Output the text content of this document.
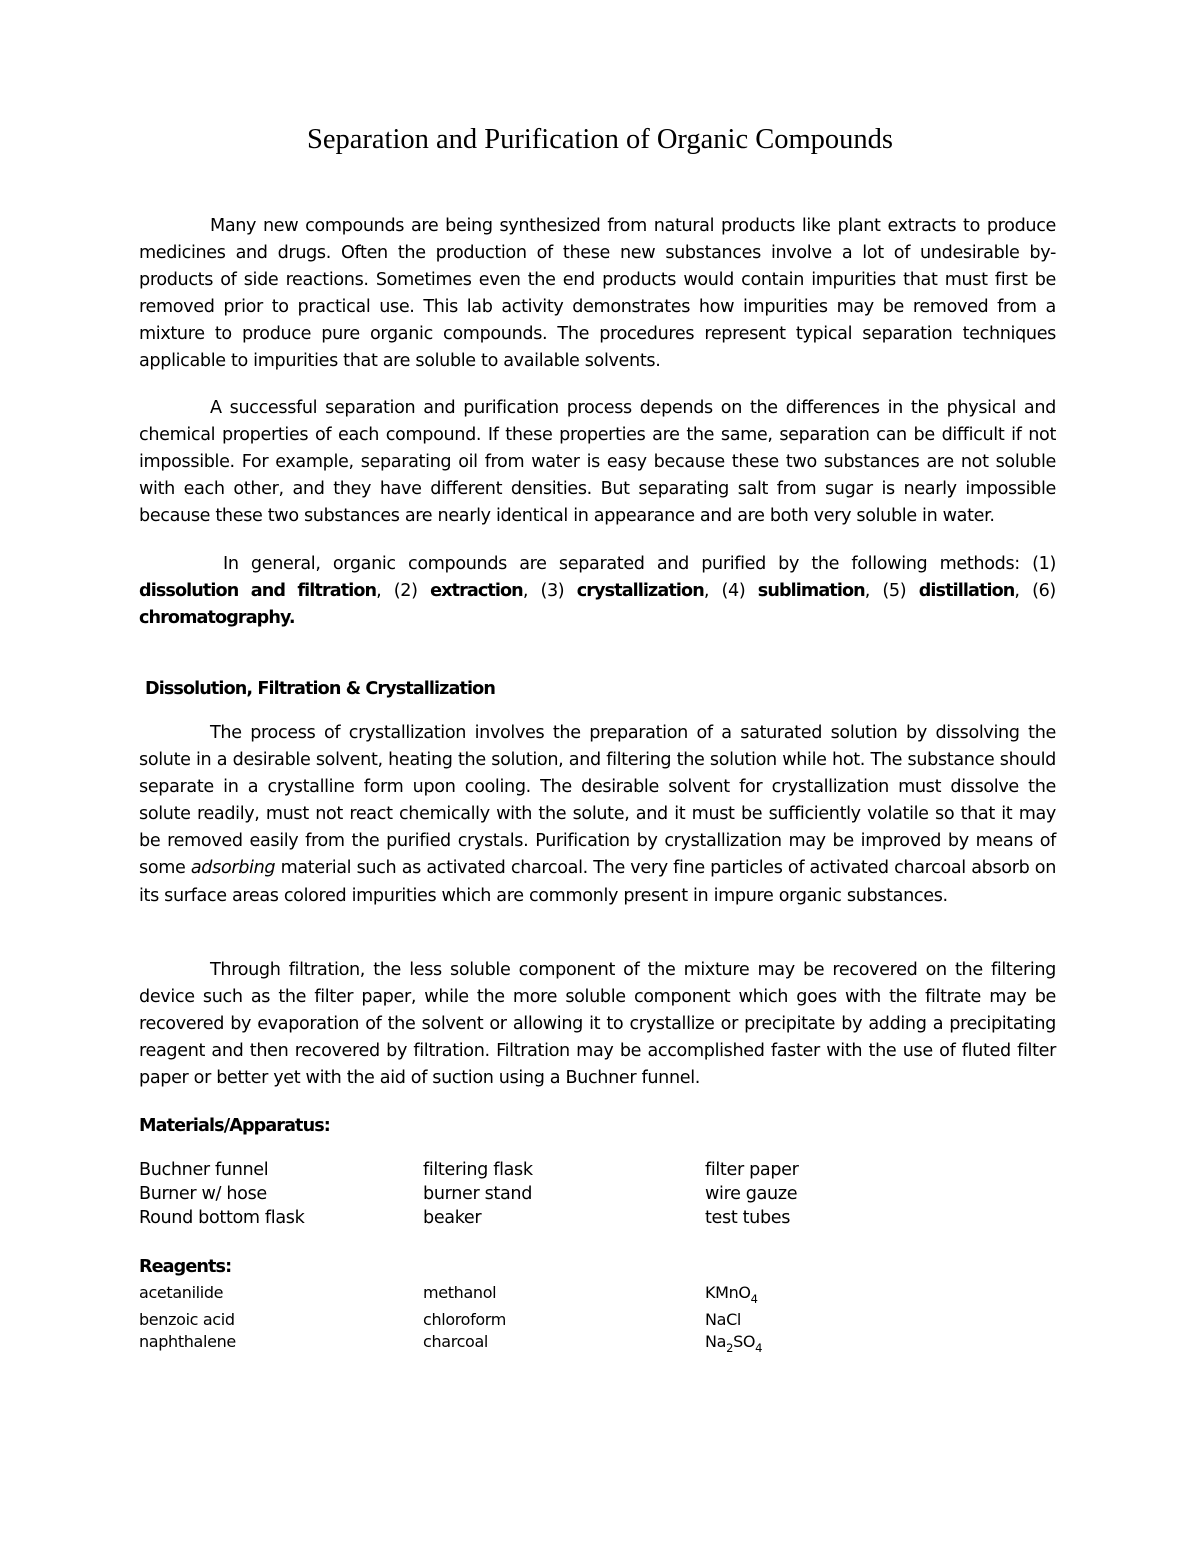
Separation and Purification of Organic Compounds

Many new compounds are being synthesized from natural products like plant extracts to produce medicines and drugs. Often the production of these new substances involve a lot of undesirable by-products of side reactions. Sometimes even the end products would contain impurities that must first be removed prior to practical use. This lab activity demonstrates how impurities may be removed from a mixture to produce pure organic compounds. The procedures represent typical separation techniques applicable to impurities that are soluble to available solvents.

A successful separation and purification process depends on the differences in the physical and chemical properties of each compound. If these properties are the same, separation can be difficult if not impossible. For example, separating oil from water is easy because these two substances are not soluble with each other, and they have different densities. But separating salt from sugar is nearly impossible because these two substances are nearly identical in appearance and are both very soluble in water.

In general, organic compounds are separated and purified by the following methods: (1) dissolution and filtration, (2) extraction, (3) crystallization, (4) sublimation, (5) distillation, (6) chromatography.

Dissolution, Filtration & Crystallization

The process of crystallization involves the preparation of a saturated solution by dissolving the solute in a desirable solvent, heating the solution, and filtering the solution while hot. The substance should separate in a crystalline form upon cooling. The desirable solvent for crystallization must dissolve the solute readily, must not react chemically with the solute, and it must be sufficiently volatile so that it may be removed easily from the purified crystals. Purification by crystallization may be improved by means of some adsorbing material such as activated charcoal. The very fine particles of activated charcoal absorb on its surface areas colored impurities which are commonly present in impure organic substances.

Through filtration, the less soluble component of the mixture may be recovered on the filtering device such as the filter paper, while the more soluble component which goes with the filtrate may be recovered by evaporation of the solvent or allowing it to crystallize or precipitate by adding a precipitating reagent and then recovered by filtration. Filtration may be accomplished faster with the use of fluted filter paper or better yet with the aid of suction using a Buchner funnel.

Materials/Apparatus:
Buchner funnel	filtering flask	filter paper
Burner w/ hose	burner stand	wire gauze
Round bottom flask	beaker	test tubes
Reagents:
acetanilide	methanol	KMnO$_4$
benzoic acid	chloroform	NaCl
naphthalene	charcoal	$Na_2SO_4$
